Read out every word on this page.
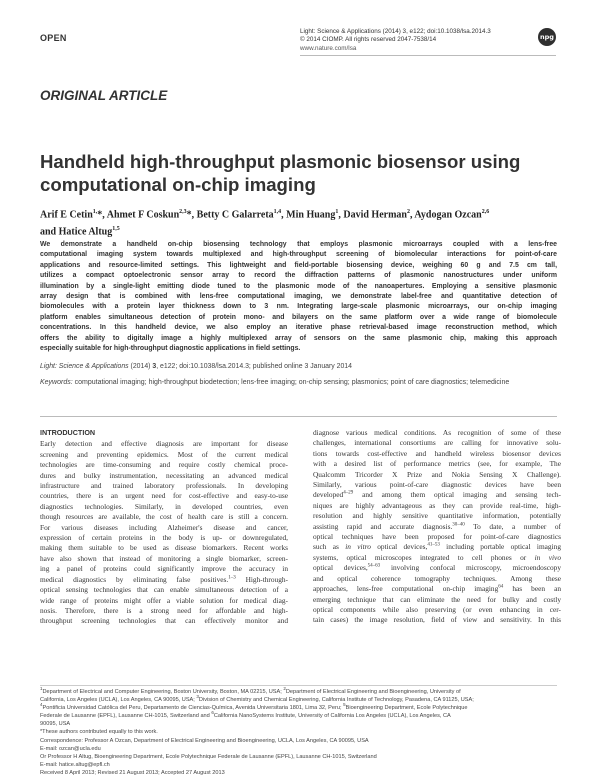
OPEN
Light: Science & Applications (2014) 3, e122; doi:10.1038/lsa.2014.3
© 2014 CIOMP. All rights reserved 2047-7538/14
www.nature.com/lsa
npg
ORIGINAL ARTICLE
Handheld high-throughput plasmonic biosensor using
computational on-chip imaging
Arif E Cetin$^{1,}$*, Ahmet F Coskun$^{2,3}$*, Betty C Galarreta$^{1,4}$, Min Huang$^1$, David Herman$^2$, Aydogan Ozcan$^{2,6}$
and Hatice Altug$^{1,5}$
We demonstrate a handheld on-chip biosensing technology that employs plasmonic microarrays coupled with a lens-free
computational imaging system towards multiplexed and high-throughput screening of biomolecular interactions for point-of-care
applications and resource-limited settings. This lightweight and field-portable biosensing device, weighing 60 g and 7.5 cm tall,
utilizes a compact optoelectronic sensor array to record the diffraction patterns of plasmonic nanostructures under uniform
illumination by a single-light emitting diode tuned to the plasmonic mode of the nanoapertures. Employing a sensitive plasmonic
array design that is combined with lens-free computational imaging, we demonstrate label-free and quantitative detection of
biomolecules with a protein layer thickness down to 3 nm. Integrating large-scale plasmonic microarrays, our on-chip imaging
platform enables simultaneous detection of protein mono- and bilayers on the same platform over a wide range of biomolecule
concentrations. In this handheld device, we also employ an iterative phase retrieval-based image reconstruction method, which
offers the ability to digitally image a highly multiplexed array of sensors on the same plasmonic chip, making this approach
especially suitable for high-throughput diagnostic applications in field settings.
Light: Science & Applications (2014) 3, e122; doi:10.1038/lsa.2014.3; published online 3 January 2014
Keywords: computational imaging; high-throughput biodetection; lens-free imaging; on-chip sensing; plasmonics; point of care diagnostics; telemedicine
INTRODUCTION
Early detection and effective diagnosis are important for disease
screening and preventing epidemics. Most of the current medical
technologies are time-consuming and require costly chemical proce-
dures and bulky instrumentation, necessitating an advanced medical
infrastructure and trained laboratory professionals. In developing
countries, there is an urgent need for cost-effective and easy-to-use
diagnostics technologies. Similarly, in developed countries, even
though resources are available, the cost of health care is still a concern.
For various diseases including Alzheimer's disease and cancer,
expression of certain proteins in the body is up- or downregulated,
making them suitable to be used as disease biomarkers. Recent works
have also shown that instead of monitoring a single biomarker, screen-
ing a panel of proteins could significantly improve the accuracy in
medical diagnostics by eliminating false positives.$^{1-3}$ High-through-
optical sensing technologies that can enable simultaneous detection of a
wide range of proteins might offer a viable solution for medical diag-
nosis. Therefore, there is a strong need for affordable and high-
throughput screening technologies that can effectively monitor and
diagnose various medical conditions. As recognition of some of these
challenges, international consortiums are calling for innovative solu-
tions towards cost-effective and handheld wireless biosensor devices
with a desired list of performance metrics (see, for example, The
Qualcomm Tricorder X Prize and Nokia Sensing X Challenge).
Similarly, various point-of-care diagnostic devices have been
developed$^{4-29}$ and among them optical imaging and sensing tech-
niques are highly advantageous as they can provide real-time, high-
resolution and highly sensitive quantitative information, potentially
assisting rapid and accurate diagnosis.$^{30-40}$ To date, a number of
optical techniques have been proposed for point-of-care diagnostics
such as in vitro optical devices,$^{41-53}$ including portable optical imaging
systems, optical microscopes integrated to cell phones or in vivo
optical devices,$^{54-63}$ involving confocal microscopy, microendoscopy
and optical coherence tomography techniques. Among these
approaches, lens-free computational on-chip imaging$^{64}$ has been an
emerging technique that can eliminate the need for bulky and costly
optical components while also preserving (or even enhancing in cer-
tain cases) the image resolution, field of view and sensitivity. In this
$^1$Department of Electrical and Computer Engineering, Boston University, Boston, MA 02215, USA; $^2$Department of Electrical Engineering and Bioengineering, University of
California, Los Angeles (UCLA), Los Angeles, CA 90095, USA; $^3$Division of Chemistry and Chemical Engineering, California Institute of Technology, Pasadena, CA 91125, USA;
$^4$Pontificia Universidad Católica del Peru, Departamento de Ciencias-Química, Avenida Universitaria 1801, Lima 32, Peru; $^5$Bioengineering Department, Ecole Polytechnique
Federale de Lausanne (EPFL), Lausanne CH-1015, Switzerland and $^6$California NanoSystems Institute, University of California Los Angeles (UCLA), Los Angeles, CA
90095, USA
*These authors contributed equally to this work.
Correspondence: Professor A Ozcan, Department of Electrical Engineering and Bioengineering, UCLA, Los Angeles, CA 90095, USA
E-mail: ozcan@ucla.edu
Or Professor H Altug, Bioengineering Department, Ecole Polytechnique Federale de Lausanne (EPFL), Lausanne CH-1015, Switzerland
E-mail: hatice.altug@epfl.ch
Received 8 April 2013; Revised 21 August 2013; Accepted 27 August 2013
